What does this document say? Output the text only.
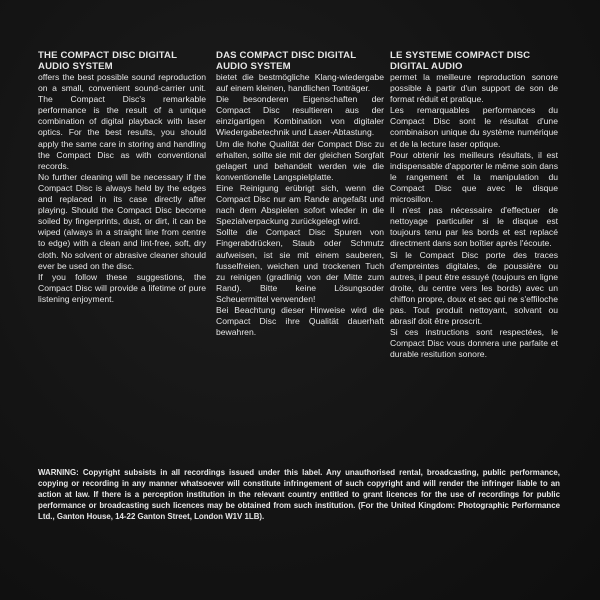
THE COMPACT DISC DIGITAL AUDIO SYSTEM

offers the best possible sound reproduction on a small, convenient sound-carrier unit. The Compact Disc's remarkable performance is the result of a unique combination of digital playback with laser optics. For the best results, you should apply the same care in storing and handling the Compact Disc as with conventional records.

No further cleaning will be necessary if the Compact Disc is always held by the edges and replaced in its case directly after playing. Should the Compact Disc become soiled by fingerprints, dust, or dirt, it can be wiped (always in a straight line from centre to edge) with a clean and lint-free, soft, dry cloth. No solvent or abrasive cleaner should ever be used on the disc.

If you follow these suggestions, the Compact Disc will provide a lifetime of pure listening enjoyment.

DAS COMPACT DISC DIGITAL AUDIO SYSTEM

bietet die bestmögliche Klang-wiedergabe auf einem kleinen, handlichen Tonträger.

Die besonderen Eigenschaften der Compact Disc resultieren aus der einzigartigen Kombination von digitaler Wiedergabetechnik und Laser-Abtastung.

Um die hohe Qualität der Compact Disc zu erhalten, sollte sie mit der gleichen Sorgfalt gelagert und behandelt werden wie die konventionelle Langspielplatte.

Eine Reinigung erübrigt sich, wenn die Compact Disc nur am Rande angefaßt und nach dem Abspielen sofort wieder in die Spezialverpackung zurückgelegt wird.

Sollte die Compact Disc Spuren von Fingerabdrücken, Staub oder Schmutz aufweisen, ist sie mit einem sauberen, fusselfreien, weichen und trockenen Tuch zu reinigen (gradlinig von der Mitte zum Rand). Bitte keine Lösungsoder Scheuermittel verwenden!

Bei Beachtung dieser Hinweise wird die Compact Disc ihre Qualität dauerhaft bewahren.

LE SYSTEME COMPACT DISC DIGITAL AUDIO

permet la meilleure reproduction sonore possible à partir d'un support de son de format réduit et pratique.

Les remarquables performances du Compact Disc sont le résultat d'une combinaison unique du système numérique et de la lecture laser optique.

Pour obtenir les meilleurs résultats, il est indispensable d'apporter le même soin dans le rangement et la manipulation du Compact Disc que avec le disque microsillon.

Il n'est pas nécessaire d'effectuer de nettoyage particulier si le disque est toujours tenu par les bords et est replacé directment dans son boîtier après l'écoute.

Si le Compact Disc porte des traces d'empreintes digitales, de poussière ou autres, il peut être essuyé (toujours en ligne droite, du centre vers les bords) avec un chiffon propre, doux et sec qui ne s'effiloche pas. Tout produit nettoyant, solvant ou abrasif doit être proscrit.

Si ces instructions sont respectées, le Compact Disc vous donnera une parfaite et durable resitution sonore.

WARNING: Copyright subsists in all recordings issued under this label. Any unauthorised rental, broadcasting, public performance, copying or recording in any manner whatsoever will constitute infringement of such copyright and will render the infringer liable to an action at law. If there is a perception institution in the relevant country entitled to grant licences for the use of recordings for public performance or broadcasting such licences may be obtained from such institution. (For the United Kingdom: Photographic Performance Ltd., Ganton House, 14-22 Ganton Street, London W1V 1LB).
